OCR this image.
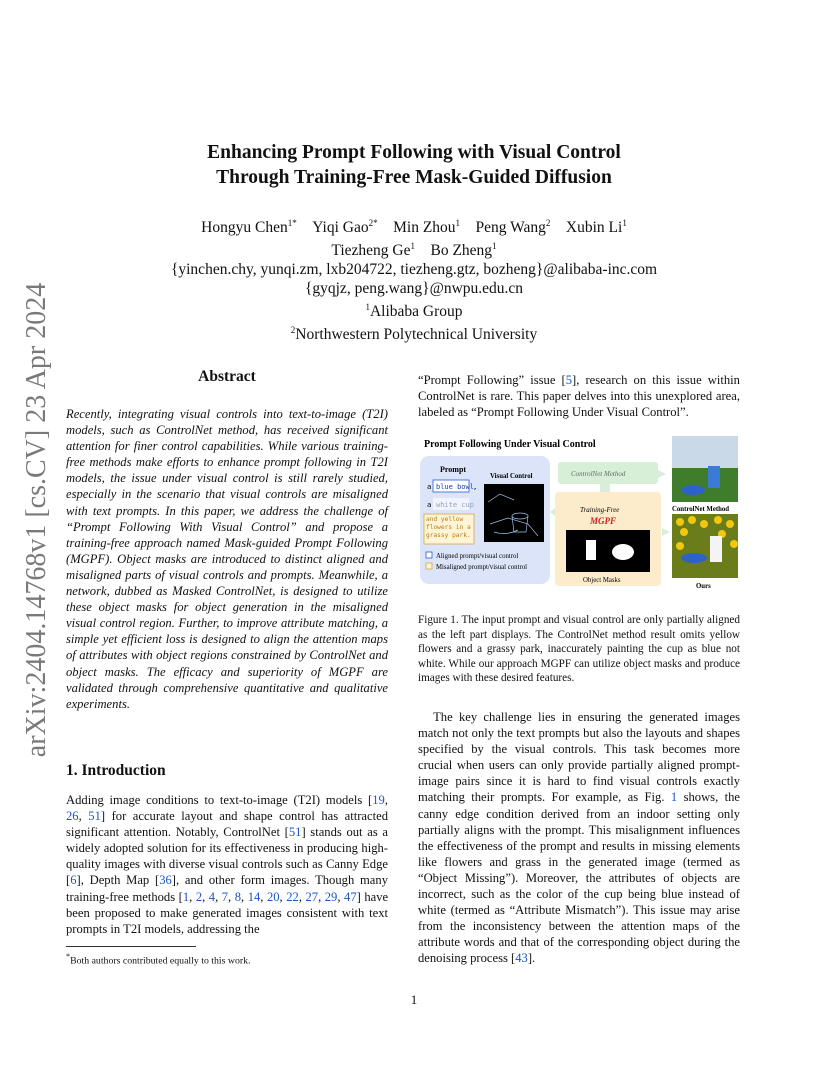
arXiv:2404.14768v1 [cs.CV] 23 Apr 2024
Enhancing Prompt Following with Visual Control
Through Training-Free Mask-Guided Diffusion
Hongyu Chen$^{1*}$  Yiqi Gao$^{2*}$  Min Zhou$^1$  Peng Wang$^2$  Xubin Li$^1$
Tiezheng Ge$^1$  Bo Zheng$^1$
{yinchen.chy, yunqi.zm, lxb204722, tiezheng.gtz, bozheng}@alibaba-inc.com
{gyqjz, peng.wang}@nwpu.edu.cn
$^1$Alibaba Group
$^2$Northwestern Polytechnical University
Abstract
Recently, integrating visual controls into text-to-image (T2I) models, such as ControlNet method, has received significant attention for finer control capabilities. While various training-free methods make efforts to enhance prompt following in T2I models, the issue under visual control is still rarely studied, especially in the scenario that visual controls are misaligned with text prompts. In this paper, we address the challenge of “Prompt Following With Visual Control” and propose a training-free approach named Mask-guided Prompt Following (MGPF). Object masks are introduced to distinct aligned and misaligned parts of visual controls and prompts. Meanwhile, a network, dubbed as Masked ControlNet, is designed to utilize these object masks for object generation in the misaligned visual control region. Further, to improve attribute matching, a simple yet efficient loss is designed to align the attention maps of attributes with object regions constrained by ControlNet and object masks. The efficacy and superiority of MGPF are validated through comprehensive quantitative and qualitative experiments.
1. Introduction
Adding image conditions to text-to-image (T2I) models [19, 26, 51] for accurate layout and shape control has attracted significant attention. Notably, ControlNet [51] stands out as a widely adopted solution for its effectiveness in producing high-quality images with diverse visual controls such as Canny Edge [6], Depth Map [36], and other form images. Though many training-free methods [1, 2, 4, 7, 8, 14, 20, 22, 27, 29, 47] have been proposed to make generated images consistent with text prompts in T2I models, addressing the
*Both authors contributed equally to this work.
“Prompt Following” issue [5], research on this issue within ControlNet is rare. This paper delves into this unexplored area, labeled as “Prompt Following Under Visual Control”.
Prompt Following Under Visual Control
Prompt
a blue bowl ,
a white cup
and yellow flowers in a grassy park.
Visual Control
Aligned prompt/visual control
Misaligned prompt/visual control
ControlNet Method
Training-Free
MGPF
Object Masks
ControlNet Method
Ours
Figure 1. The input prompt and visual control are only partially aligned as the left part displays. The ControlNet method result omits yellow flowers and a grassy park, inaccurately painting the cup as blue not white. While our approach MGPF can utilize object masks and produce images with these desired features.
The key challenge lies in ensuring the generated images match not only the text prompts but also the layouts and shapes specified by the visual controls. This task becomes more crucial when users can only provide partially aligned prompt-image pairs since it is hard to find visual controls exactly matching their prompts. For example, as Fig. 1 shows, the canny edge condition derived from an indoor setting only partially aligns with the prompt. This misalignment influences the effectiveness of the prompt and results in missing elements like flowers and grass in the generated image (termed as “Object Missing”). Moreover, the attributes of objects are incorrect, such as the color of the cup being blue instead of white (termed as “Attribute Mismatch”). This issue may arise from the inconsistency between the attention maps of the attribute words and that of the corresponding object during the denoising process [43].
1
